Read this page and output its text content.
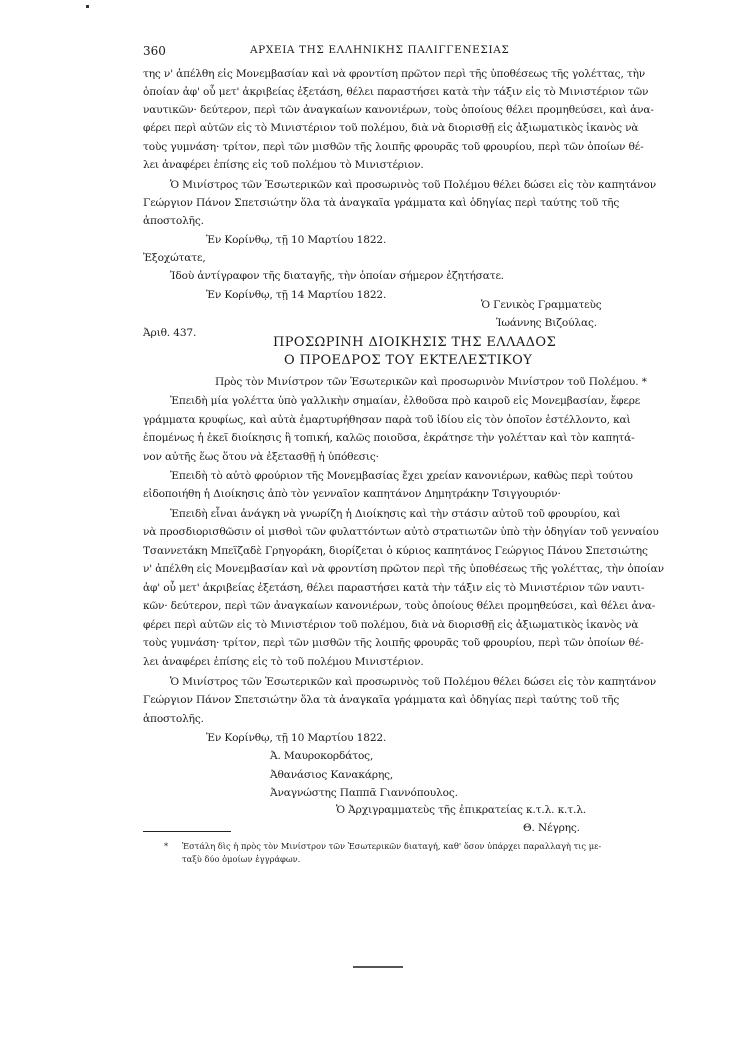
360	ΑΡΧΕΙΑ ΤΗΣ ΕΛΛΗΝΙΚΗΣ ΠΑΛΙΓΓΕΝΕΣΙΑΣ
της ν' ἀπέλθη εἰς Μονεμβασίαν καὶ νὰ φροντίση πρῶτον περὶ τῆς ὑποθέσεως τῆς γολέττας, τὴν
ὁποίαν ἀφ' οὗ μετ' ἀκριβείας ἐξετάση, θέλει παραστήσει κατὰ τὴν τάξιν εἰς τὸ Μινιστέριον τῶν
ναυτικῶν· δεύτερον, περὶ τῶν ἀναγκαίων κανονιέρων, τοὺς ὁποίους θέλει προμηθεύσει, καὶ ἀνα-
φέρει περὶ αὐτῶν εἰς τὸ Μινιστέριον τοῦ πολέμου, διὰ νὰ διορισθῇ εἰς ἀξιωματικὸς ἱκανὸς νὰ
τοὺς γυμνάση· τρίτον, περὶ τῶν μισθῶν τῆς λοιπῆς φρουρᾶς τοῦ φρουρίου, περὶ τῶν ὁποίων θέ-
λει ἀναφέρει ἐπίσης εἰς τοῦ πολέμου τὸ Μινιστέριον.
Ὁ Μινίστρος τῶν Ἐσωτερικῶν καὶ προσωρινὸς τοῦ Πολέμου θέλει δώσει εἰς τὸν καπητάνον
Γεώργιον Πάνον Σπετσιώτην ὅλα τὰ ἀναγκαῖα γράμματα καὶ ὁδηγίας περὶ ταύτης τοῦ τῆς
ἀποστολῆς.
Ἐν Κορίνθῳ, τῇ 10 Μαρτίου 1822.
Ἐξοχώτατε,
Ἰδοὺ ἀντίγραφον τῆς διαταγῆς, τὴν ὁποίαν σήμερον ἐζητήσατε.
Ἐν Κορίνθῳ, τῇ 14 Μαρτίου 1822.
Ὁ Γενικὸς Γραμματεὺς
Ἰωάννης Βιζούλας.
Ἀριθ. 437.
ΠΡΟΣΩΡΙΝΗ ΔΙΟΙΚΗΣΙΣ ΤΗΣ ΕΛΛΑΔΟΣ
Ο ΠΡΟΕΔΡΟΣ ΤΟΥ ΕΚΤΕΛΕΣΤΙΚΟΥ
Πρὸς τὸν Μινίστρον τῶν Ἐσωτερικῶν καὶ προσωρινὸν Μινίστρον τοῦ Πολέμου. *
Ἐπειδὴ μία γολέττα ὑπὸ γαλλικὴν σημαίαν, ἐλθοῦσα πρὸ καιροῦ εἰς Μονεμβασίαν, ἔφερε
γράμματα κρυφίως, καὶ αὐτὰ ἐμαρτυρήθησαν παρὰ τοῦ ἰδίου εἰς τὸν ὁποῖον ἐστέλλοντο, καὶ
ἐπομένως ἡ ἐκεῖ διοίκησις ἢ τοπική, καλῶς ποιοῦσα, ἐκράτησε τὴν γολέτταν καὶ τὸν καπητά-
νον αὐτῆς ἕως ὅτου νὰ ἐξετασθῇ ἡ ὑπόθεσις·
Ἐπειδὴ τὸ αὐτὸ φρούριον τῆς Μονεμβασίας ἔχει χρείαν κανονιέρων, καθὼς περὶ τούτου
εἰδοποιήθη ἡ Διοίκησις ἀπὸ τὸν γενναῖον καπητάνον Δημητράκην Τσιγγουριόν·
Ἐπειδὴ εἶναι ἀνάγκη νὰ γνωρίζη ἡ Διοίκησις καὶ τὴν στάσιν αὐτοῦ τοῦ φρουρίου, καὶ
νὰ προσδιορισθῶσιν οἱ μισθοὶ τῶν φυλαττόντων αὐτὸ στρατιωτῶν ὑπὸ τὴν ὁδηγίαν τοῦ γενναίου
Τσαννετάκη Μπεϊζαδὲ Γρηγοράκη, διορίζεται ὁ κύριος καπητάνος Γεώργιος Πάνου Σπετσιώτης
ν' ἀπέλθη εἰς Μονεμβασίαν καὶ νὰ φροντίση πρῶτον περὶ τῆς ὑποθέσεως τῆς γολέττας, τὴν ὁποίαν
ἀφ' οὗ μετ' ἀκριβείας ἐξετάση, θέλει παραστήσει κατὰ τὴν τάξιν εἰς τὸ Μινιστέριον τῶν ναυτι-
κῶν· δεύτερον, περὶ τῶν ἀναγκαίων κανονιέρων, τοὺς ὁποίους θέλει προμηθεύσει, καὶ θέλει ἀνα-
φέρει περὶ αὐτῶν εἰς τὸ Μινιστέριον τοῦ πολέμου, διὰ νὰ διορισθῇ εἰς ἀξιωματικὸς ἱκανὸς νὰ
τοὺς γυμνάση· τρίτον, περὶ τῶν μισθῶν τῆς λοιπῆς φρουρᾶς τοῦ φρουρίου, περὶ τῶν ὁποίων θέ-
λει ἀναφέρει ἐπίσης εἰς τὸ τοῦ πολέμου Μινιστέριον.
Ὁ Μινίστρος τῶν Ἐσωτερικῶν καὶ προσωρινὸς τοῦ Πολέμου θέλει δώσει εἰς τὸν καπητάνον
Γεώργιον Πάνον Σπετσιώτην ὅλα τὰ ἀναγκαῖα γράμματα καὶ ὁδηγίας περὶ ταύτης τοῦ τῆς
ἀποστολῆς.
Ἐν Κορίνθῳ, τῇ 10 Μαρτίου 1822.
Ἀ. Μαυροκορδάτος,
Ἀθανάσιος Κανακάρης,
Ἀναγνώστης Παππᾶ Γιαννόπουλος.
Ὁ Ἀρχιγραμματεὺς τῆς ἐπικρατείας κ.τ.λ. κ.τ.λ.
Θ. Νέγρης.
* Ἐστάλη δὶς ἡ πρὸς τὸν Μινίστρον τῶν Ἐσωτερικῶν διαταγή, καθ' ὅσον ὑπάρχει παραλλαγὴ τις με-
ταξὺ δύο ὁμοίων ἐγγράφων.
